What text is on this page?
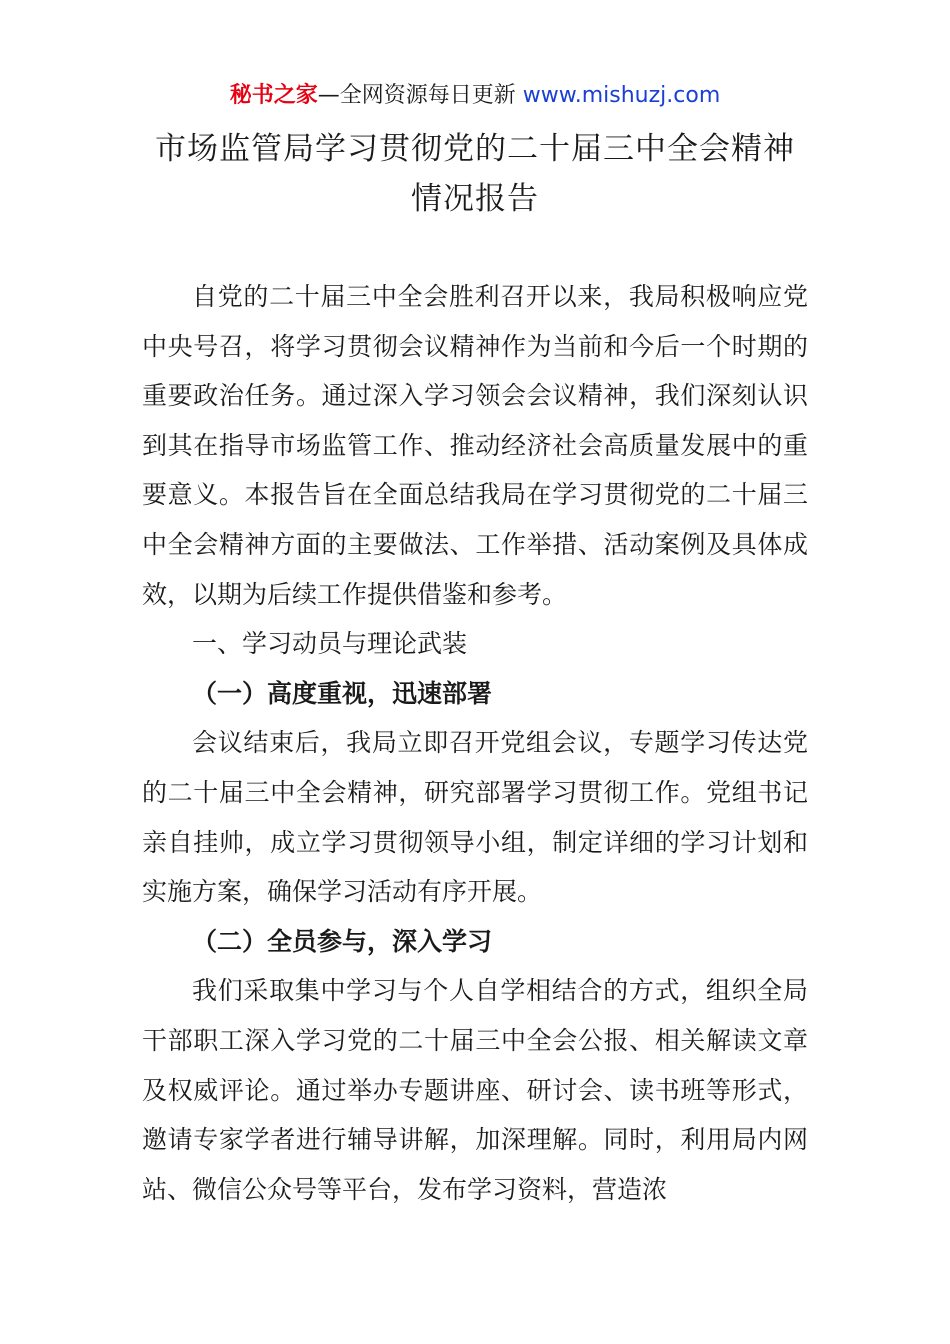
秘书之家—全网资源每日更新 www.mishuzj.com
市场监管局学习贯彻党的二十届三中全会精神
情况报告

自党的二十届三中全会胜利召开以来，我局积极响应党中央号召，将学习贯彻会议精神作为当前和今后一个时期的重要政治任务。通过深入学习领会会议精神，我们深刻认识到其在指导市场监管工作、推动经济社会高质量发展中的重要意义。本报告旨在全面总结我局在学习贯彻党的二十届三中全会精神方面的主要做法、工作举措、活动案例及具体成效，以期为后续工作提供借鉴和参考。

一、学习动员与理论武装
（一）高度重视，迅速部署

会议结束后，我局立即召开党组会议，专题学习传达党的二十届三中全会精神，研究部署学习贯彻工作。党组书记亲自挂帅，成立学习贯彻领导小组，制定详细的学习计划和实施方案，确保学习活动有序开展。

（二）全员参与，深入学习

我们采取集中学习与个人自学相结合的方式，组织全局干部职工深入学习党的二十届三中全会公报、相关解读文章及权威评论。通过举办专题讲座、研讨会、读书班等形式，邀请专家学者进行辅导讲解，加深理解。同时，利用局内网站、微信公众号等平台，发布学习资料，营造浓
